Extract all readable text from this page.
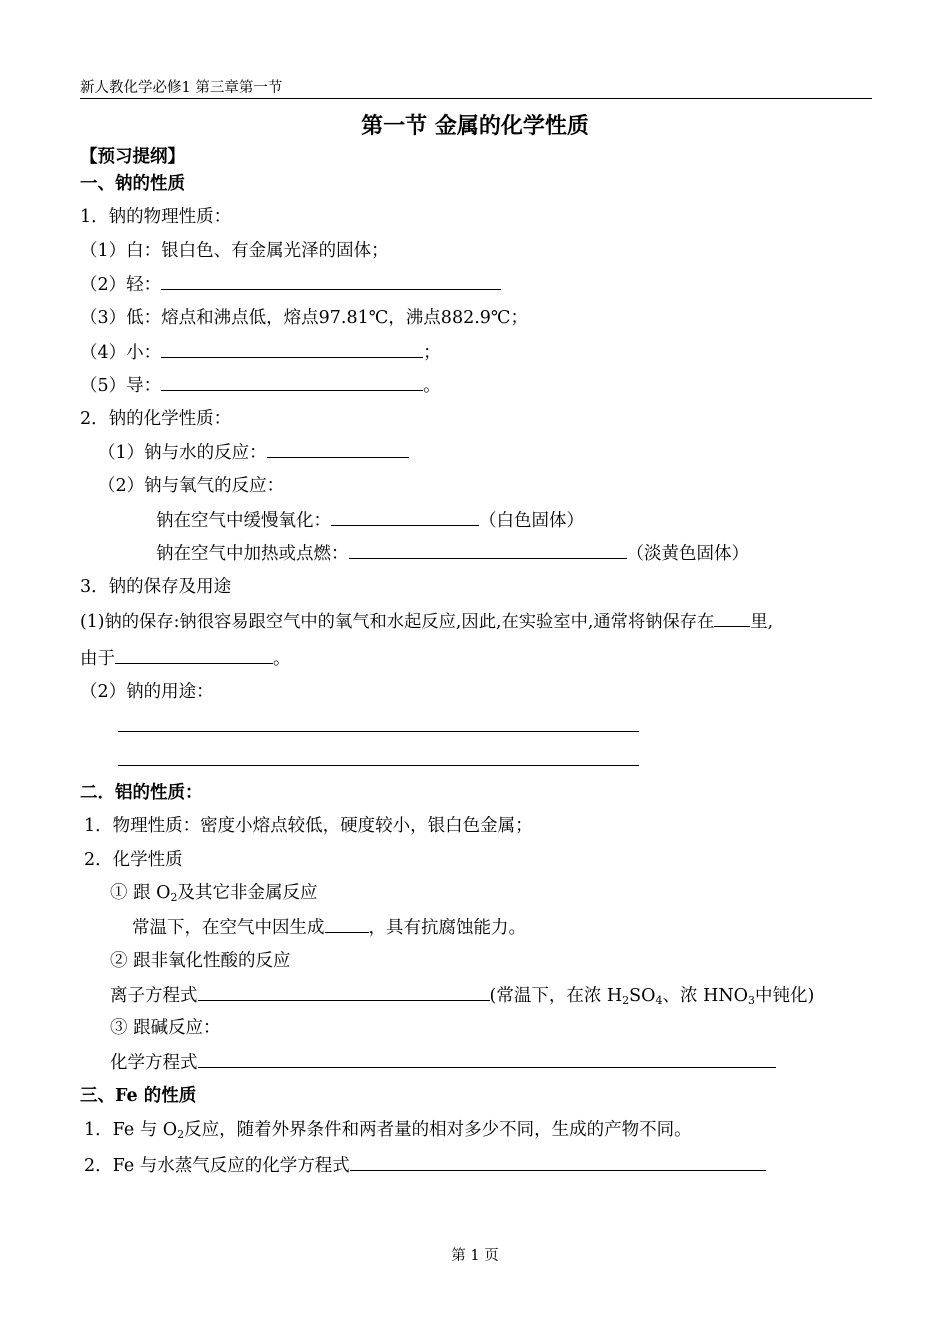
新人教化学必修1 第三章第一节
第一节 金属的化学性质
【预习提纲】
一、钠的性质
1．钠的物理性质：
（1）白：银白色、有金属光泽的固体；
（2）轻：
（3）低：熔点和沸点低，熔点97.81℃，沸点882.9℃；
（4）小：	；
（5）导：	。
2．钠的化学性质：
（1）钠与水的反应：
（2）钠与氧气的反应：
钠在空气中缓慢氧化：	（白色固体）
钠在空气中加热或点燃：	（淡黄色固体）
3．钠的保存及用途
(1)钠的保存:钠很容易跟空气中的氧气和水起反应,因此,在实验室中,通常将钠保存在 里,
由于	。
（2）钠的用途：
二．铝的性质：
1．物理性质：密度小熔点较低，硬度较小，银白色金属；
2．化学性质
① 跟 $O_2$及其它非金属反应
常温下，在空气中因生成	，具有抗腐蚀能力。
② 跟非氧化性酸的反应
离子方程式	(常温下，在浓 $H_2SO_4$、浓 $HNO_3$中钝化)
③ 跟碱反应：
化学方程式
三、Fe 的性质
1．Fe 与 $O_2$反应，随着外界条件和两者量的相对多少不同，生成的产物不同。
2．Fe 与水蒸气反应的化学方程式
第 1 页
